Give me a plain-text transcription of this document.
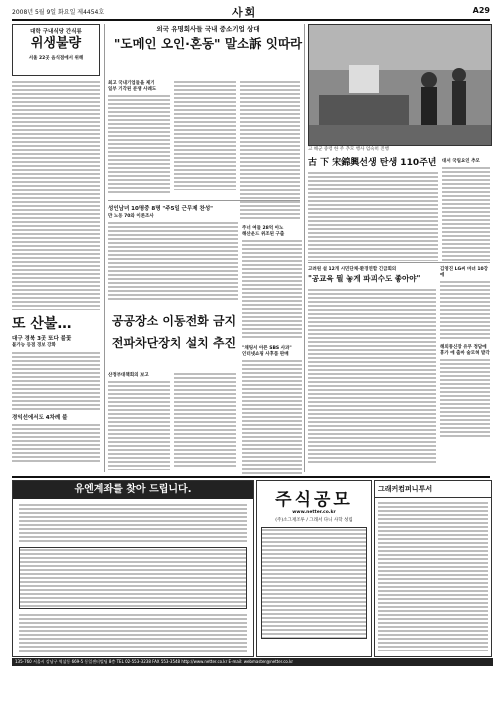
2008년 5월 9일 화요일 제4454호	사회	A29
대학 구내식당 간식류
위생불량
서울 22곳 음식점에서 위해
또 산불…
대구 경북 3곳 또다 불꽃
불가능 등점 경보 강화
경익선에서도 4차례 불
외국 유명회사들 국내 중소기업 상대
"도메인 오인·혼동" 말소訴 잇따라
최고 국내기업들을 제기
일부 기각된 분쟁 사례도
성인남녀 10명중 8명 "주5일 근무제 찬성"
만 노동 70와 이론조사
주너 여들 28억 아노
해산운드 위조된 구출
공공장소 이동전화 금지
전파차단장치 설치 추진
산정부대책회의 보고
"채팅서 아픈 SBS 사과"
인터넷쇼핑 사후품 판매
고 해군 중령 한 주 추모 행사 엄숙히 진행
古 下 宋錦興선생 탄생 110주년	대서 국립요인 추모
고려원 설 12개 시민단체·환경연합 긴급회의
"공교육 뭘 놓게 파괴수도 좋아야"
김영진 LG씨 마녀 10강에
해외통신장 유무 정답에
휴가 에 출마 술모혀 발각
유엔계좌를 찾아 드립니다.
주식공모
www.netter.co.kr
(주)소그재조투 / 그래서 다니 사학 성립
그래커컴퍼니투서
135-760 서울시 강남구 역삼동 669-5 동일센터빌딩 8층 TEL 02-553-3238 FAX 553-3548 http://www.netter.co.kr E-mail: webmaster@netter.co.kr
